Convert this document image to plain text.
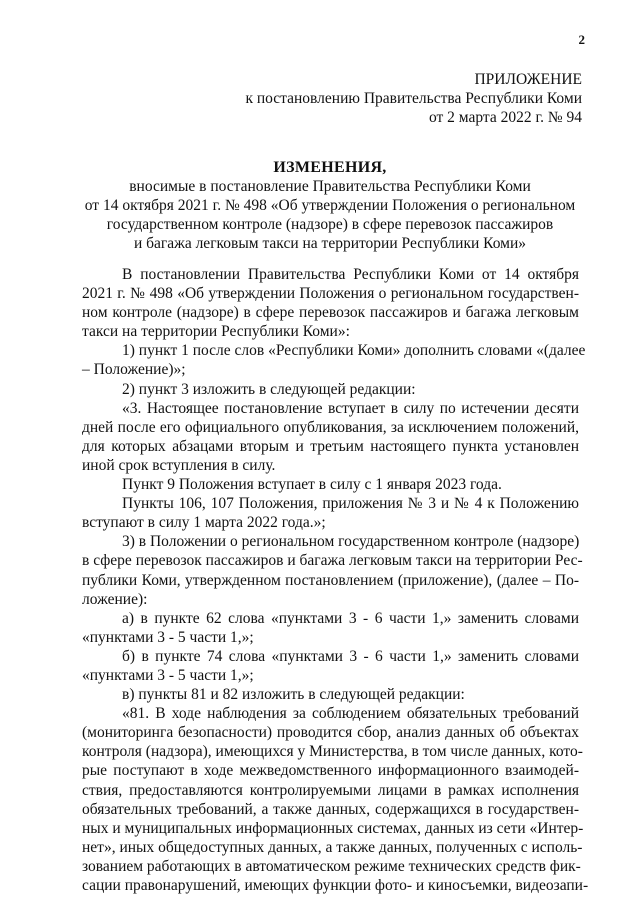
2
ПРИЛОЖЕНИЕ
к постановлению Правительства Республики Коми
от 2 марта 2022 г. № 94
ИЗМЕНЕНИЯ,
вносимые в постановление Правительства Республики Коми
от 14 октября 2021 г. № 498 «Об утверждении Положения о региональном
государственном контроле (надзоре) в сфере перевозок пассажиров
и багажа легковым такси на территории Республики Коми»
В постановлении Правительства Республики Коми от 14 октября
2021 г. № 498 «Об утверждении Положения о региональном государствен-
ном контроле (надзоре) в сфере перевозок пассажиров и багажа легковым
такси на территории Республики Коми»:
1) пункт 1 после слов «Республики Коми» дополнить словами «(далее
– Положение)»;
2) пункт 3 изложить в следующей редакции:
«3. Настоящее постановление вступает в силу по истечении десяти
дней после его официального опубликования, за исключением положений,
для которых абзацами вторым и третьим настоящего пункта установлен
иной срок вступления в силу.
Пункт 9 Положения вступает в силу с 1 января 2023 года.
Пункты 106, 107 Положения, приложения № 3 и № 4 к Положению
вступают в силу 1 марта 2022 года.»;
3) в Положении о региональном государственном контроле (надзоре)
в сфере перевозок пассажиров и багажа легковым такси на территории Рес-
публики Коми, утвержденном постановлением (приложение), (далее – По-
ложение):
а) в пункте 62 слова «пунктами 3 - 6 части 1,» заменить словами
«пунктами 3 - 5 части 1,»;
б) в пункте 74 слова «пунктами 3 - 6 части 1,» заменить словами
«пунктами 3 - 5 части 1,»;
в) пункты 81 и 82 изложить в следующей редакции:
«81. В ходе наблюдения за соблюдением обязательных требований
(мониторинга безопасности) проводится сбор, анализ данных об объектах
контроля (надзора), имеющихся у Министерства, в том числе данных, кото-
рые поступают в ходе межведомственного информационного взаимодей-
ствия, предоставляются контролируемыми лицами в рамках исполнения
обязательных требований, а также данных, содержащихся в государствен-
ных и муниципальных информационных системах, данных из сети «Интер-
нет», иных общедоступных данных, а также данных, полученных с исполь-
зованием работающих в автоматическом режиме технических средств фик-
сации правонарушений, имеющих функции фото- и киносъемки, видеозапи-
